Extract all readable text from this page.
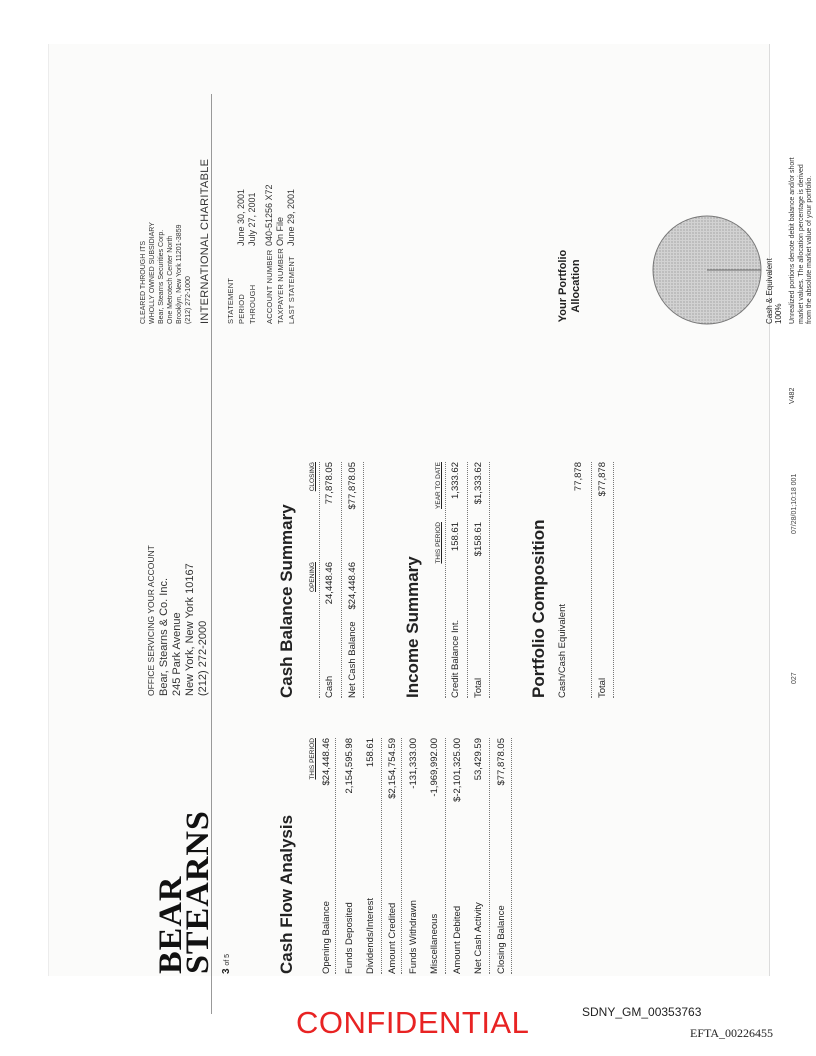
BEAR
STEARNS 3 of 5
OFFICE SERVICING YOUR ACCOUNT Bear, Stearns & Co. Inc. 245 Park Avenue New York, New York 10167 (212) 272-2000
CLEARED THROUGH ITS WHOLLY OWNED SUBSIDIARY Bear, Stearns Securities Corp. One Metrotech Center North Brooklyn, New York 11201-3859 (212) 272-1000 INTERNATIONAL CHARITABLE STATEMENT PERIODJune 30, 2001
THROUGHJuly 27, 2001
ACCOUNT NUMBER040-51256 X72
TAXPAYER NUMBEROn File
LAST STATEMENTJune 29, 2001
Cash Flow Analysis
THIS PERIOD
Opening Balance
$24,448.46
Funds Deposited
2,154,595.98
Dividends/Interest
158.61
Amount Credited
$2,154,754.59
Funds Withdrawn
-131,333.00
Miscellaneous
-1,969,992.00
Amount Debited
$-2,101,325.00
Net Cash Activity
53,429.59
Closing Balance
$77,878.05
Cash Balance Summary OPENING
CLOSING
Cash
24,448.46
77,878.05
Net Cash Balance
$24,448.46
$77,878.05
Income Summary
THIS PERIOD
YEAR TO DATE
Credit Balance Int.
158.61
1,333.62
Total
$158.61
$1,333.62
Portfolio Composition Cash/Cash Equivalent
77,878
Total
$77,878
Your Portfolio Allocation	Cash & Equivalent 100% Unrealized portions denote debit balance and/or short market values. The allocation percentage is derived from the absolute market value of your portfolio.
027
07/28/01;10:18 001
V482
CONFIDENTIAL	SDNY_GM_00353763
EFTA_00226455
